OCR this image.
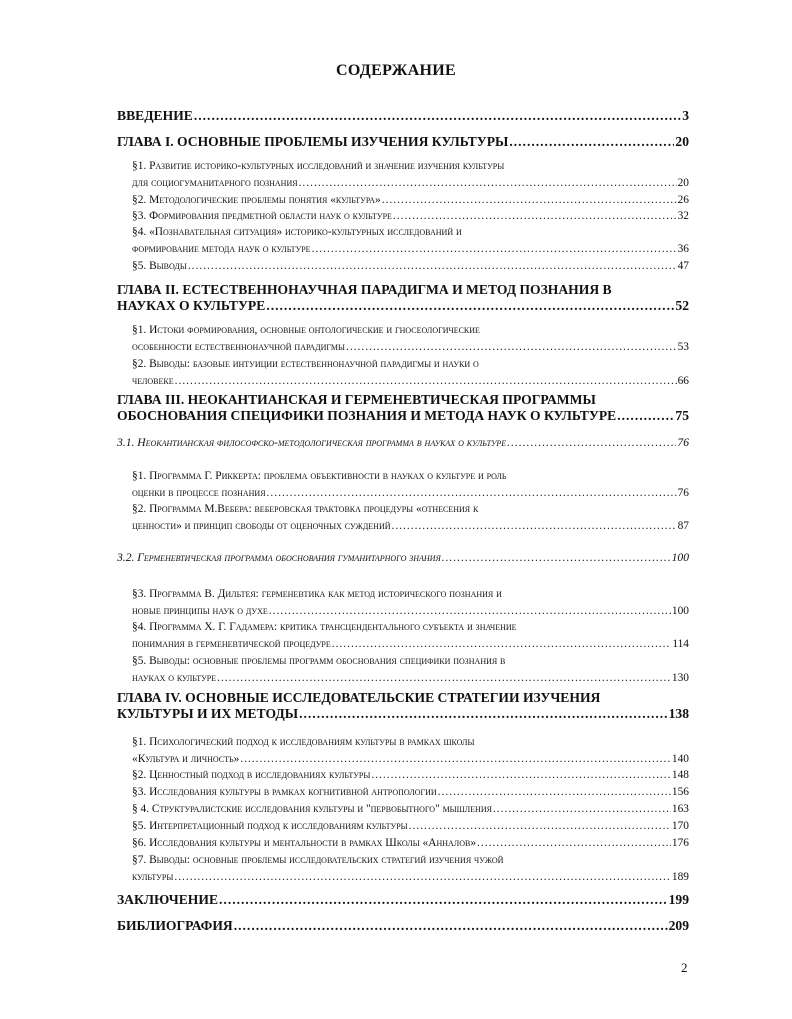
СОДЕРЖАНИЕ
ВВЕДЕНИЕ .....	3
ГЛАВА I. ОСНОВНЫЕ ПРОБЛЕМЫ ИЗУЧЕНИЯ КУЛЬТУРЫ .....	20
§1. Развитие историко-культурных исследований и значение изучения культуры
для социогуманитарного познания .....	20
§2. Методологические проблемы понятия «культура» .....	26
§3. Формирования предметной области наук о культуре .....	32
§4. «Познавательная ситуация» историко-культурных исследований и
формирование метода наук о культуре .....	36
§5. Выводы .....	47
ГЛАВА II. ЕСТЕСТВЕННОНАУЧНАЯ ПАРАДИГМА И МЕТОД ПОЗНАНИЯ В
НАУКАХ О КУЛЬТУРЕ .....	52
§1. Истоки формирования, основные онтологические и гносеологические
особенности естественнонаучной парадигмы .....	53
§2. Выводы: базовые интуиции естественнонаучной парадигмы и науки о
человеке .....	66
ГЛАВА III. НЕОКАНТИАНСКАЯ И ГЕРМЕНЕВТИЧЕСКАЯ ПРОГРАММЫ
ОБОСНОВАНИЯ СПЕЦИФИКИ ПОЗНАНИЯ И МЕТОДА НАУК О КУЛЬТУРЕ .....	75
3.1. Неокантианская философско-методологическая программа в науках о культуре .....	76
§1. Программа Г. Риккерта: проблема объективности в науках о культуре и роль
оценки в процессе познания .....	76
§2. Программа М.Вебера: веберовская трактовка процедуры «отнесения к
ценности» и принцип свободы от оценочных суждений .....	87
3.2. Герменевтическая программа обоснования гуманитарного знания .....	100
§3. Программа В. Дильтея: герменевтика как метод исторического познания и
новые принципы наук о духе .....	100
§4. Программа Х. Г. Гадамера: критика трансцендентального субъекта и значение
понимания в герменевтической процедуре .....	114
§5. Выводы: основные проблемы программ обоснования специфики познания в
науках о культуре .....	130
ГЛАВА IV. ОСНОВНЫЕ ИССЛЕДОВАТЕЛЬСКИЕ СТРАТЕГИИ ИЗУЧЕНИЯ
КУЛЬТУРЫ И ИХ МЕТОДЫ .....	138
§1. Психологический подход к исследованиям культуры в рамках школы
«Культура и личность» .....	140
§2. Ценностный подход в исследованиях культуры .....	148
§3. Исследования культуры в рамках когнитивной антропологии .....	156
§ 4. Структуралистские исследования культуры и "первобытного" мышления .....	163
§5. Интерпретационный подход к исследованиям культуры .....	170
§6. Исследования культуры и ментальности в рамках Школы «Анналов» .....	176
§7. Выводы: основные проблемы исследовательских стратегий изучения чужой
культуры .....	189
ЗАКЛЮЧЕНИЕ .....	199
БИБЛИОГРАФИЯ .....	209
2
